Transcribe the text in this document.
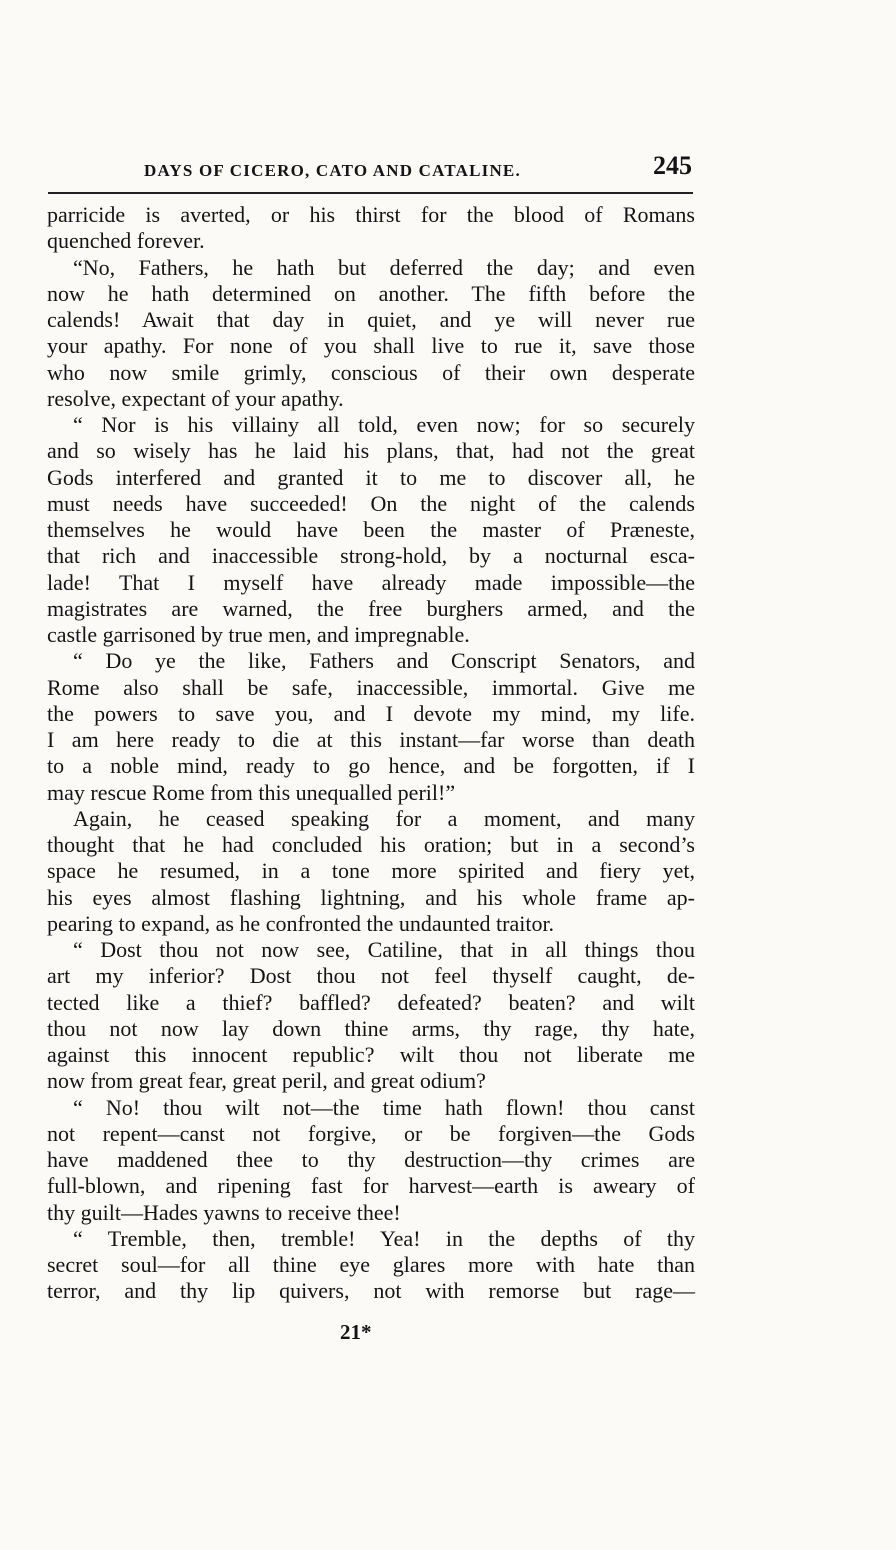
DAYS OF CICERO, CATO AND CATALINE.	245
parricide is averted, or his thirst for the blood of Romans
quenched forever.
“No, Fathers, he hath but deferred the day; and even
now he hath determined on another. The fifth before the
calends! Await that day in quiet, and ye will never rue
your apathy. For none of you shall live to rue it, save those
who now smile grimly, conscious of their own desperate
resolve, expectant of your apathy.
“ Nor is his villainy all told, even now; for so securely
and so wisely has he laid his plans, that, had not the great
Gods interfered and granted it to me to discover all, he
must needs have succeeded! On the night of the calends
themselves he would have been the master of Præneste,
that rich and inaccessible strong-hold, by a nocturnal esca-
lade! That I myself have already made impossible—the
magistrates are warned, the free burghers armed, and the
castle garrisoned by true men, and impregnable.
“ Do ye the like, Fathers and Conscript Senators, and
Rome also shall be safe, inaccessible, immortal. Give me
the powers to save you, and I devote my mind, my life.
I am here ready to die at this instant—far worse than death
to a noble mind, ready to go hence, and be forgotten, if I
may rescue Rome from this unequalled peril!”
Again, he ceased speaking for a moment, and many
thought that he had concluded his oration; but in a second’s
space he resumed, in a tone more spirited and fiery yet,
his eyes almost flashing lightning, and his whole frame ap-
pearing to expand, as he confronted the undaunted traitor.
“ Dost thou not now see, Catiline, that in all things thou
art my inferior? Dost thou not feel thyself caught, de-
tected like a thief? baffled? defeated? beaten? and wilt
thou not now lay down thine arms, thy rage, thy hate,
against this innocent republic? wilt thou not liberate me
now from great fear, great peril, and great odium?
“ No! thou wilt not—the time hath flown! thou canst
not repent—canst not forgive, or be forgiven—the Gods
have maddened thee to thy destruction—thy crimes are
full-blown, and ripening fast for harvest—earth is aweary of
thy guilt—Hades yawns to receive thee!
“ Tremble, then, tremble! Yea! in the depths of thy
secret soul—for all thine eye glares more with hate than
terror, and thy lip quivers, not with remorse but rage—
21*
